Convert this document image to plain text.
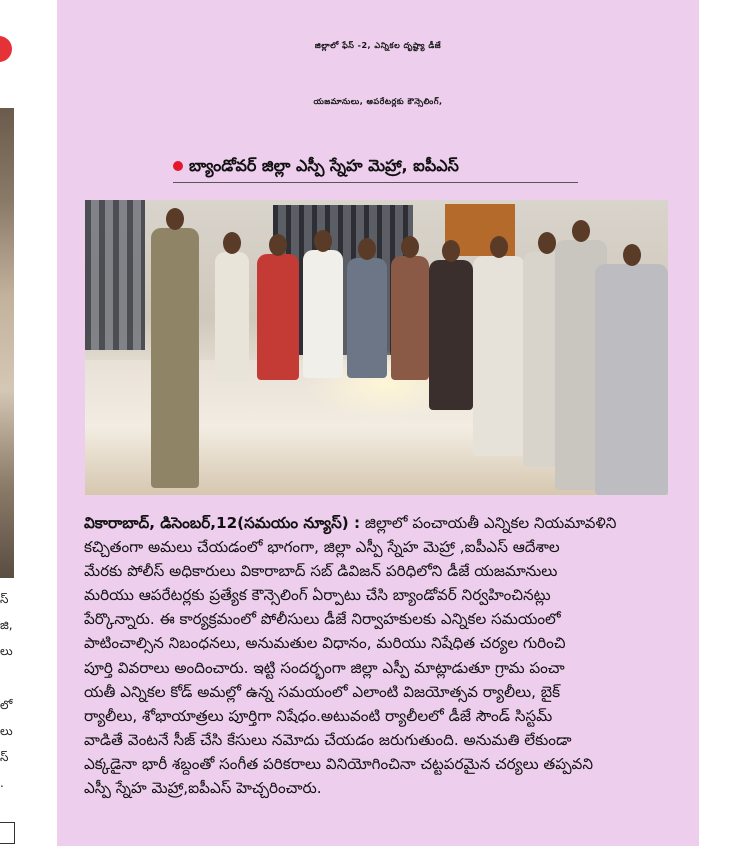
స్
జి,
లు
లో
లు
స్
.
జిల్లాలో ఫేస్ -2, ఎన్నికల దృష్ట్యా డీజే
యజమానులు, ఆపరేటర్లకు కౌన్సెలింగ్,
బ్యాండోవర్ జిల్లా ఎస్పీ స్నేహ మెహ్రా, ఐపీఎస్
వికారాబాద్, డిసెంబర్,12(సమయం న్యూస్) : జిల్లాలో పంచాయతీ ఎన్నికల నియమావళిని
కచ్చితంగా అమలు చేయడంలో భాగంగా, జిల్లా ఎస్పీ స్నేహ మెహ్రా ,ఐపీఎస్ ఆదేశాల
మేరకు పోలీస్ అధికారులు వికారాబాద్ సబ్ డివిజన్ పరిధిలోని డీజే యజమానులు
మరియు ఆపరేటర్లకు ప్రత్యేక కౌన్సెలింగ్ ఏర్పాటు చేసి బ్యాండోవర్ నిర్వహించినట్లు
పేర్కొన్నారు. ఈ కార్యక్రమంలో పోలీసులు డీజే నిర్వాహకులకు ఎన్నికల సమయంలో
పాటించాల్సిన నిబంధనలు, అనుమతుల విధానం, మరియు నిషేధిత చర్యల గురించి
పూర్తి వివరాలు అందించారు. ఇట్టి సందర్భంగా జిల్లా ఎస్పీ మాట్లాడుతూ గ్రామ పంచా
యతీ ఎన్నికల కోడ్ అమల్లో ఉన్న సమయంలో ఎలాంటి విజయోత్సవ ర్యాలీలు, బైక్
ర్యాలీలు, శోభాయాత్రలు పూర్తిగా నిషేధం.అటువంటి ర్యాలీలలో డీజే సౌండ్ సిస్టమ్
వాడితే వెంటనే సీజ్ చేసి కేసులు నమోదు చేయడం జరుగుతుంది. అనుమతి లేకుండా
ఎక్కడైనా భారీ శబ్దంతో సంగీత పరికరాలు వినియోగించినా చట్టపరమైన చర్యలు తప్పవని
ఎస్పీ స్నేహ మెహ్రా,ఐపీఎస్ హెచ్చరించారు.
